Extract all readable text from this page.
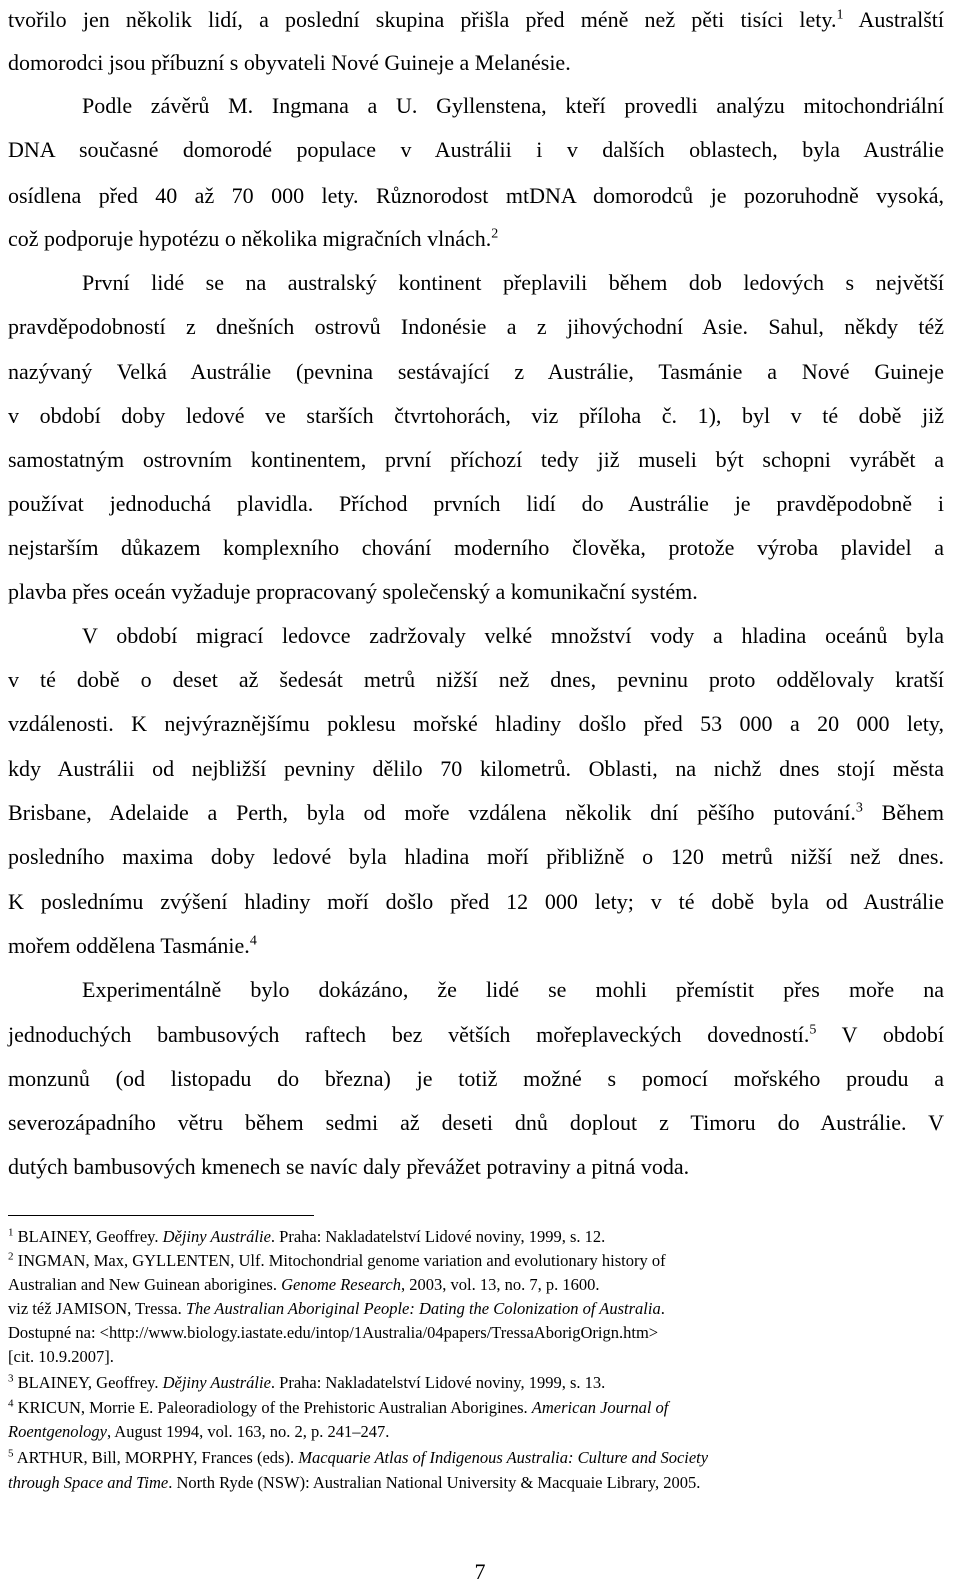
tvořilo jen několik lidí, a poslední skupina přišla před méně než pěti tisíci lety.$^1$ Australští
domorodci jsou příbuzní s obyvateli Nové Guineje a Melanésie.
Podle závěrů M. Ingmana a U. Gyllenstena, kteří provedli analýzu mitochondriální
DNA současné domorodé populace v Austrálii i v dalších oblastech, byla Austrálie
osídlena před 40 až 70 000 lety. Různorodost mtDNA domorodců je pozoruhodně vysoká,
což podporuje hypotézu o několika migračních vlnách.$^2$
První lidé se na australský kontinent přeplavili během dob ledových s největší
pravděpodobností z dnešních ostrovů Indonésie a z jihovýchodní Asie. Sahul, někdy též
nazývaný Velká Austrálie (pevnina sestávající z Austrálie, Tasmánie a Nové Guineje
v období doby ledové ve starších čtvrtohorách, viz příloha č. 1), byl v té době již
samostatným ostrovním kontinentem, první příchozí tedy již museli být schopni vyrábět a
používat jednoduchá plavidla. Příchod prvních lidí do Austrálie je pravděpodobně i
nejstarším důkazem komplexního chování moderního člověka, protože výroba plavidel a
plavba přes oceán vyžaduje propracovaný společenský a komunikační systém.
V období migrací ledovce zadržovaly velké množství vody a hladina oceánů byla
v té době o deset až šedesát metrů nižší než dnes, pevninu proto oddělovaly kratší
vzdálenosti. K nejvýraznějšímu poklesu mořské hladiny došlo před 53 000 a 20 000 lety,
kdy Austrálii od nejbližší pevniny dělilo 70 kilometrů. Oblasti, na nichž dnes stojí města
Brisbane, Adelaide a Perth, byla od moře vzdálena několik dní pěšího putování.$^3$ Během
posledního maxima doby ledové byla hladina moří přibližně o 120 metrů nižší než dnes.
K poslednímu zvýšení hladiny moří došlo před 12 000 lety; v té době byla od Austrálie
mořem oddělena Tasmánie.$^4$
Experimentálně bylo dokázáno, že lidé se mohli přemístit přes moře na
jednoduchých bambusových raftech bez větších mořeplaveckých dovedností.$^5$ V období
monzunů (od listopadu do března) je totiž možné s pomocí mořského proudu a
severozápadního větru během sedmi až deseti dnů doplout z Timoru do Austrálie. V
dutých bambusových kmenech se navíc daly převážet potraviny a pitná voda.
$^1$ BLAINEY, Geoffrey. Dějiny Austrálie. Praha: Nakladatelství Lidové noviny, 1999, s. 12.
$^2$ INGMAN, Max, GYLLENTEN, Ulf. Mitochondrial genome variation and evolutionary history of
Australian and New Guinean aborigines. Genome Research, 2003, vol. 13, no. 7, p. 1600.
viz též JAMISON, Tressa. The Australian Aboriginal People: Dating the Colonization of Australia.
Dostupné na: <http://www.biology.iastate.edu/intop/1Australia/04papers/TressaAborigOrign.htm>
[cit. 10.9.2007].
$^3$ BLAINEY, Geoffrey. Dějiny Austrálie. Praha: Nakladatelství Lidové noviny, 1999, s. 13.
$^4$ KRICUN, Morrie E. Paleoradiology of the Prehistoric Australian Aborigines. American Journal of
Roentgenology, August 1994, vol. 163, no. 2, p. 241–247.
$^5$ ARTHUR, Bill, MORPHY, Frances (eds). Macquarie Atlas of Indigenous Australia: Culture and Society
through Space and Time. North Ryde (NSW): Australian National University & Macquaie Library, 2005.
7
